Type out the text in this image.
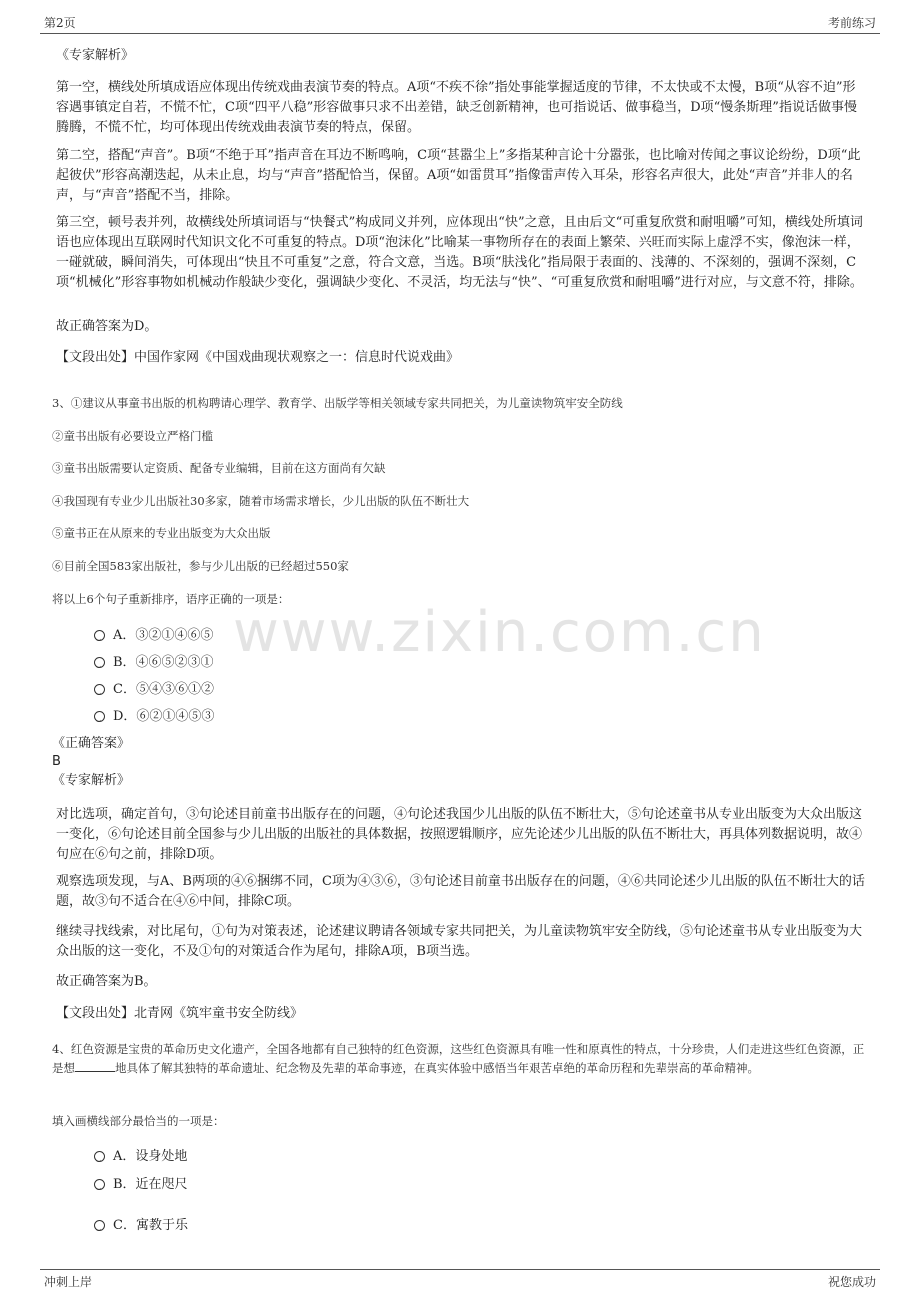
第2页	考前练习
www.zixin.com.cn
《专家解析》
第一空，横线处所填成语应体现出传统戏曲表演节奏的特点。A项“不疾不徐”指处事能掌握适度的节律，不太快或不太慢，B项“从容不迫”形容遇事镇定自若，不慌不忙，C项“四平八稳”形容做事只求不出差错，缺乏创新精神，也可指说话、做事稳当，D项“慢条斯理”指说话做事慢腾腾，不慌不忙，均可体现出传统戏曲表演节奏的特点，保留。
第二空，搭配“声音”。B项“不绝于耳”指声音在耳边不断鸣响，C项“甚嚣尘上”多指某种言论十分嚣张，也比喻对传闻之事议论纷纷，D项“此起彼伏”形容高潮迭起，从未止息，均与“声音”搭配恰当，保留。A项“如雷贯耳”指像雷声传入耳朵，形容名声很大，此处“声音”并非人的名声，与“声音”搭配不当，排除。
第三空，顿号表并列，故横线处所填词语与“快餐式”构成同义并列，应体现出“快”之意，且由后文“可重复欣赏和耐咀嚼”可知，横线处所填词语也应体现出互联网时代知识文化不可重复的特点。D项“泡沫化”比喻某一事物所存在的表面上繁荣、兴旺而实际上虚浮不实，像泡沫一样，一碰就破，瞬间消失，可体现出“快且不可重复”之意，符合文意，当选。B项“肤浅化”指局限于表面的、浅薄的、不深刻的，强调不深刻，C项“机械化”形容事物如机械动作般缺少变化，强调缺少变化、不灵活，均无法与“快”、“可重复欣赏和耐咀嚼”进行对应，与文意不符，排除。
故正确答案为D。
【文段出处】中国作家网《中国戏曲现状观察之一：信息时代说戏曲》
3、①建议从事童书出版的机构聘请心理学、教育学、出版学等相关领域专家共同把关，为儿童读物筑牢安全防线
②童书出版有必要设立严格门槛
③童书出版需要认定资质、配备专业编辑，目前在这方面尚有欠缺
④我国现有专业少儿出版社30多家，随着市场需求增长，少儿出版的队伍不断壮大
⑤童书正在从原来的专业出版变为大众出版
⑥目前全国583家出版社，参与少儿出版的已经超过550家
将以上6个句子重新排序，语序正确的一项是：
A．③②①④⑥⑤
B．④⑥⑤②③①
C．⑤④③⑥①②
D．⑥②①④⑤③
《正确答案》
B
《专家解析》
对比选项，确定首句，③句论述目前童书出版存在的问题，④句论述我国少儿出版的队伍不断壮大，⑤句论述童书从专业出版变为大众出版这一变化，⑥句论述目前全国参与少儿出版的出版社的具体数据，按照逻辑顺序，应先论述少儿出版的队伍不断壮大，再具体列数据说明，故④句应在⑥句之前，排除D项。
观察选项发现，与A、B两项的④⑥捆绑不同，C项为④③⑥，③句论述目前童书出版存在的问题，④⑥共同论述少儿出版的队伍不断壮大的话题，故③句不适合在④⑥中间，排除C项。
继续寻找线索，对比尾句，①句为对策表述，论述建议聘请各领域专家共同把关，为儿童读物筑牢安全防线，⑤句论述童书从专业出版变为大众出版的这一变化，不及①句的对策适合作为尾句，排除A项，B项当选。
故正确答案为B。
【文段出处】北青网《筑牢童书安全防线》
4、红色资源是宝贵的革命历史文化遗产，全国各地都有自己独特的红色资源，这些红色资源具有唯一性和原真性的特点，十分珍贵，人们走进这些红色资源，正是想	地具体了解其独特的革命遗址、纪念物及先辈的革命事迹，在真实体验中感悟当年艰苦卓绝的革命历程和先辈崇高的革命精神。
填入画横线部分最恰当的一项是：
A．设身处地
B．近在咫尺
C．寓教于乐
冲刺上岸	祝您成功
